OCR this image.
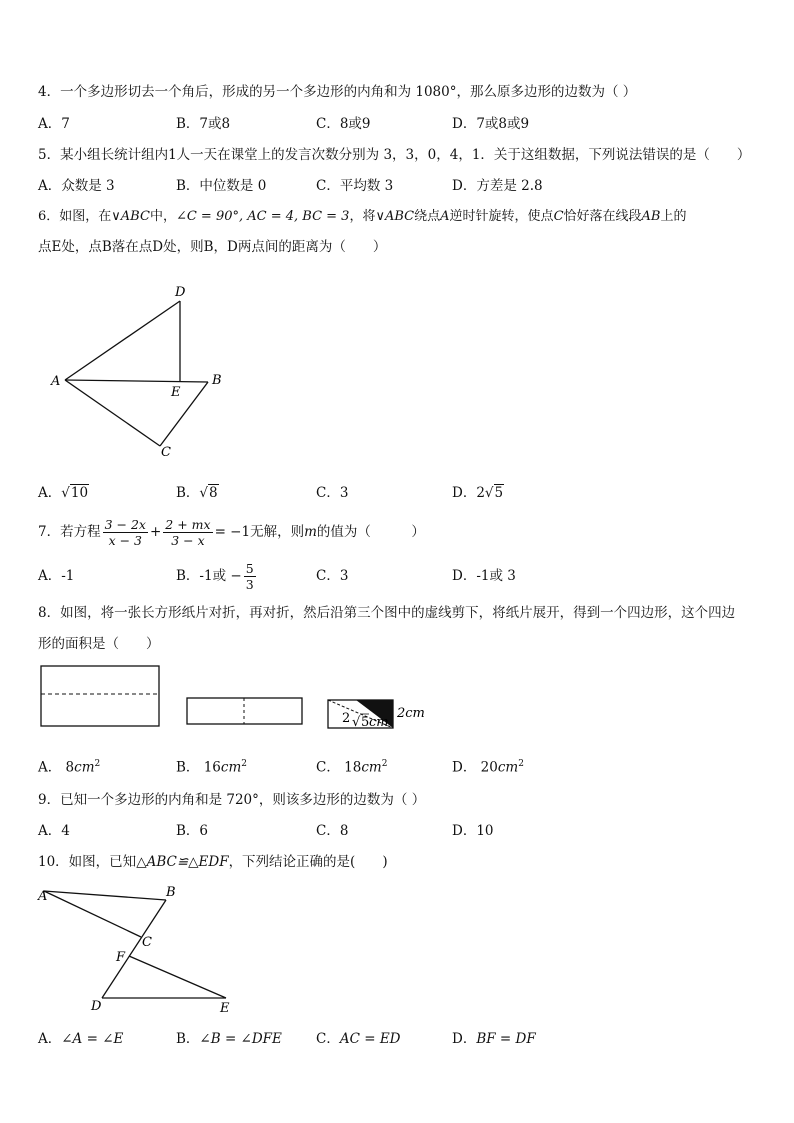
4．一个多边形切去一个角后，形成的另一个多边形的内角和为 1080°，那么原多边形的边数为（ ）
A．7	B．7或8	C．8或9	D．7或8或9
5．某小组长统计组内1人一天在课堂上的发言次数分别为 3，3，0，4，1．关于这组数据，下列说法错误的是（　　）
A．众数是 3	B．中位数是 0	C．平均数 3	D．方差是 2.8
6．如图，在∨ABC中，∠C = 90°, AC = 4, BC = 3，将∨ABC绕点A逆时针旋转，使点C恰好落在线段AB上的
点E处，点B落在点D处，则B，D两点间的距离为（　　）
D
A
E
B
C
A．√10	B．√8	C．3	D．2√5
7．若方程 $\frac{3 - 2x}{x - 3} + \frac{2 + mx}{3 - x} = -1$无解，则m的值为（　　　）
A．-1	B．-1或 − $\frac{5}{3}$	C．3	D．-1或 3
8．如图，将一张长方形纸片对折，再对折，然后沿第三个图中的虚线剪下，将纸片展开，得到一个四边形，这个四边
形的面积是（　　）
2 √ 5 cm
2cm
A． $8cm^2$	B． $16cm^2$	C． $18cm^2$	D． $20cm^2$
9．已知一个多边形的内角和是 720°，则该多边形的边数为（ ）
A．4	B．6	C．8	D．10
10．如图，已知△ABC≌△EDF，下列结论正确的是(　　)
A	B
C
F
D	E
A．∠A = ∠E	B．∠B = ∠DFE	C．AC = ED	D．BF = DF
